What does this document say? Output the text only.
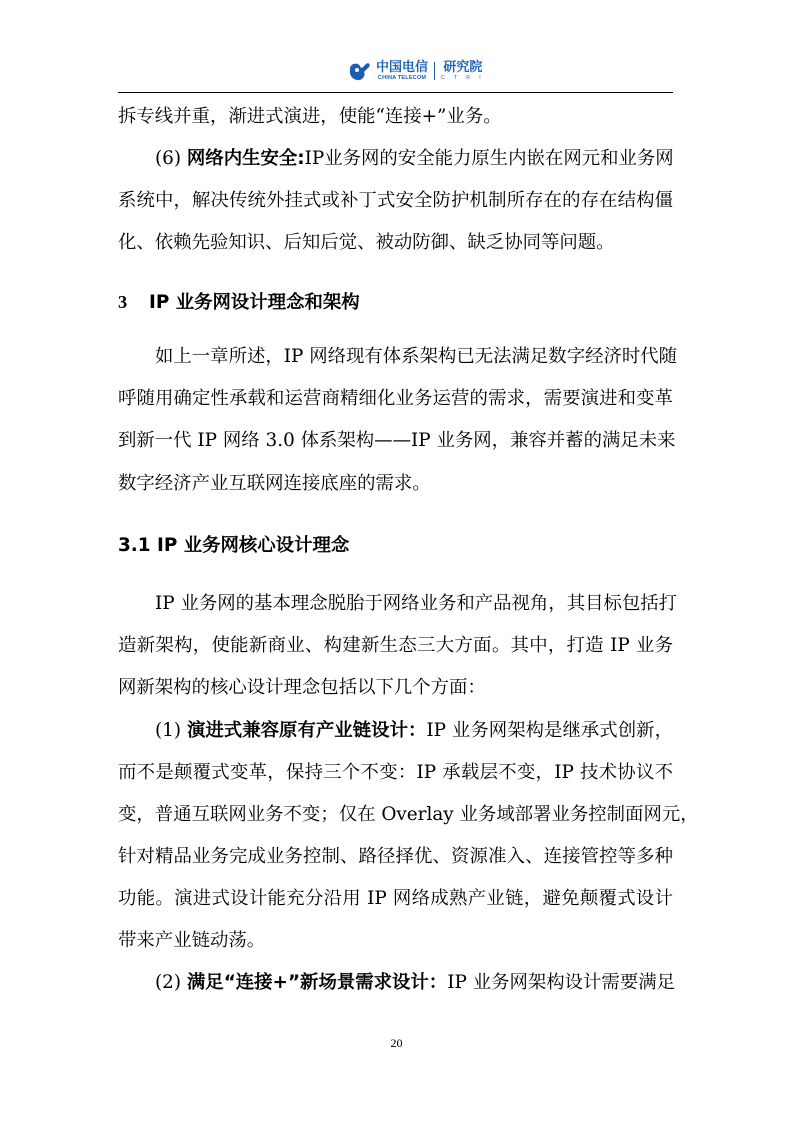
中国电信
CHINA TELECOM
研究院
C T R I
拆专线并重，渐进式演进，使能“连接+”业务。
(6) 网络内生安全:IP业务网的安全能力原生内嵌在网元和业务网
系统中，解决传统外挂式或补丁式安全防护机制所存在的存在结构僵
化、依赖先验知识、后知后觉、被动防御、缺乏协同等问题。
3 IP 业务网设计理念和架构
如上一章所述，IP 网络现有体系架构已无法满足数字经济时代随
呼随用确定性承载和运营商精细化业务运营的需求，需要演进和变革
到新一代 IP 网络 3.0 体系架构——IP 业务网，兼容并蓄的满足未来
数字经济产业互联网连接底座的需求。
3.1 IP 业务网核心设计理念
IP 业务网的基本理念脱胎于网络业务和产品视角，其目标包括打
造新架构，使能新商业、构建新生态三大方面。其中，打造 IP 业务
网新架构的核心设计理念包括以下几个方面：
(1) 演进式兼容原有产业链设计：IP 业务网架构是继承式创新，
而不是颠覆式变革，保持三个不变：IP 承载层不变，IP 技术协议不
变，普通互联网业务不变；仅在 Overlay 业务域部署业务控制面网元，
针对精品业务完成业务控制、路径择优、资源准入、连接管控等多种
功能。演进式设计能充分沿用 IP 网络成熟产业链，避免颠覆式设计
带来产业链动荡。
(2) 满足“连接+”新场景需求设计：IP 业务网架构设计需要满足
20
